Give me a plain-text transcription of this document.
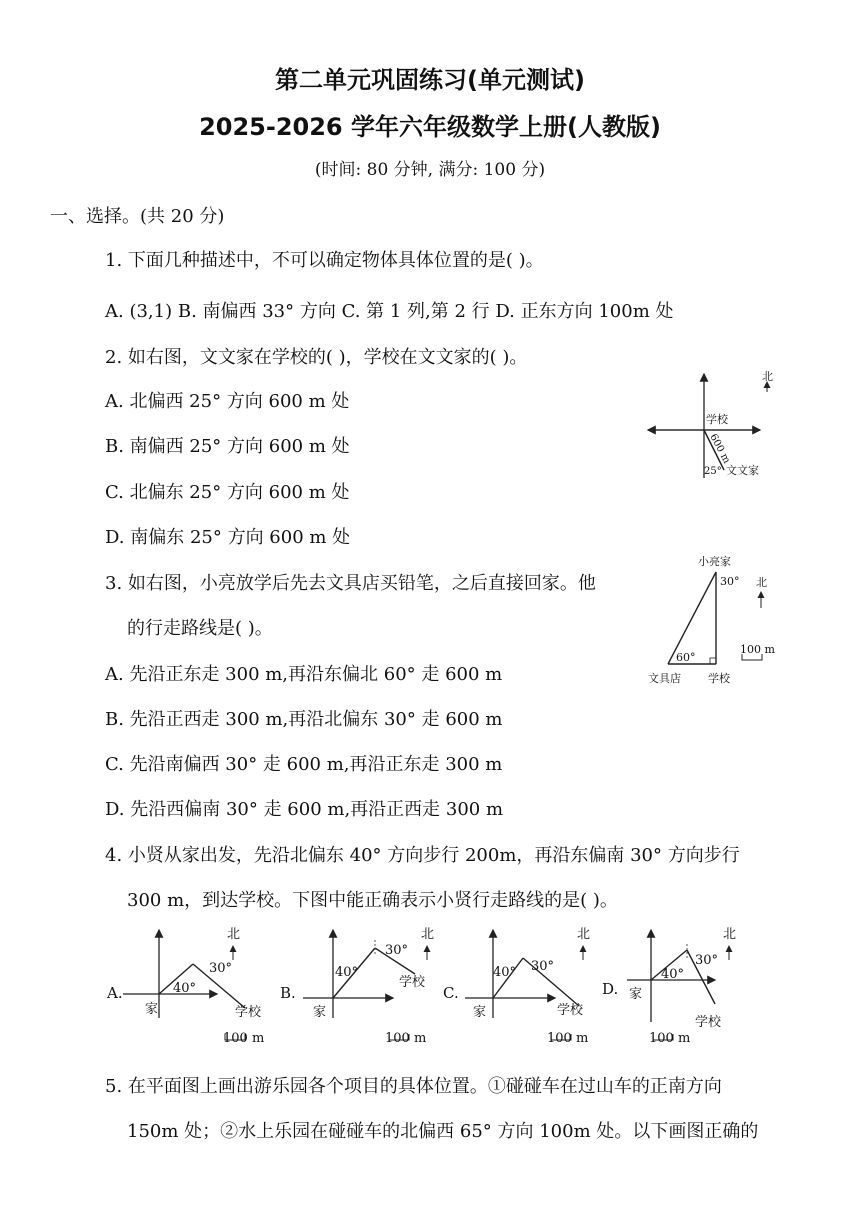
第二单元巩固练习(单元测试)
2025-2026 学年六年级数学上册(人教版)
(时间: 80 分钟, 满分: 100 分)
一、选择。(共 20 分)
1. 下面几种描述中，不可以确定物体具体位置的是( )。
A. (3,1) B. 南偏西 33° 方向 C. 第 1 列,第 2 行 D. 正东方向 100m 处
2. 如右图，文文家在学校的( )，学校在文文家的( )。
A. 北偏西 25° 方向 600 m 处
B. 南偏西 25° 方向 600 m 处
C. 北偏东 25° 方向 600 m 处
D. 南偏东 25° 方向 600 m 处
北
学校
600 m
25° 文文家
3. 如右图，小亮放学后先去文具店买铅笔，之后直接回家。他
的行走路线是( )。
A. 先沿正东走 300 m,再沿东偏北 60° 走 600 m
B. 先沿正西走 300 m,再沿北偏东 30° 走 600 m
C. 先沿南偏西 30° 走 600 m,再沿正东走 300 m
D. 先沿西偏南 30° 走 600 m,再沿正西走 300 m
小亮家
30° 北
60°
文具店 学校
100 m
4. 小贤从家出发，先沿北偏东 40° 方向步行 200m，再沿东偏南 30° 方向步行
300 m，到达学校。下图中能正确表示小贤行走路线的是( )。
A.	40°
30°
家	学校
北
100 m
B.
40°
30°
家
学校
北
100 m
C.
40° 30°
家	学校
北
100 m
D.
40°
30°
家
学校
北
100 m
5. 在平面图上画出游乐园各个项目的具体位置。①碰碰车在过山车的正南方向
150m 处；②水上乐园在碰碰车的北偏西 65° 方向 100m 处。以下画图正确的
